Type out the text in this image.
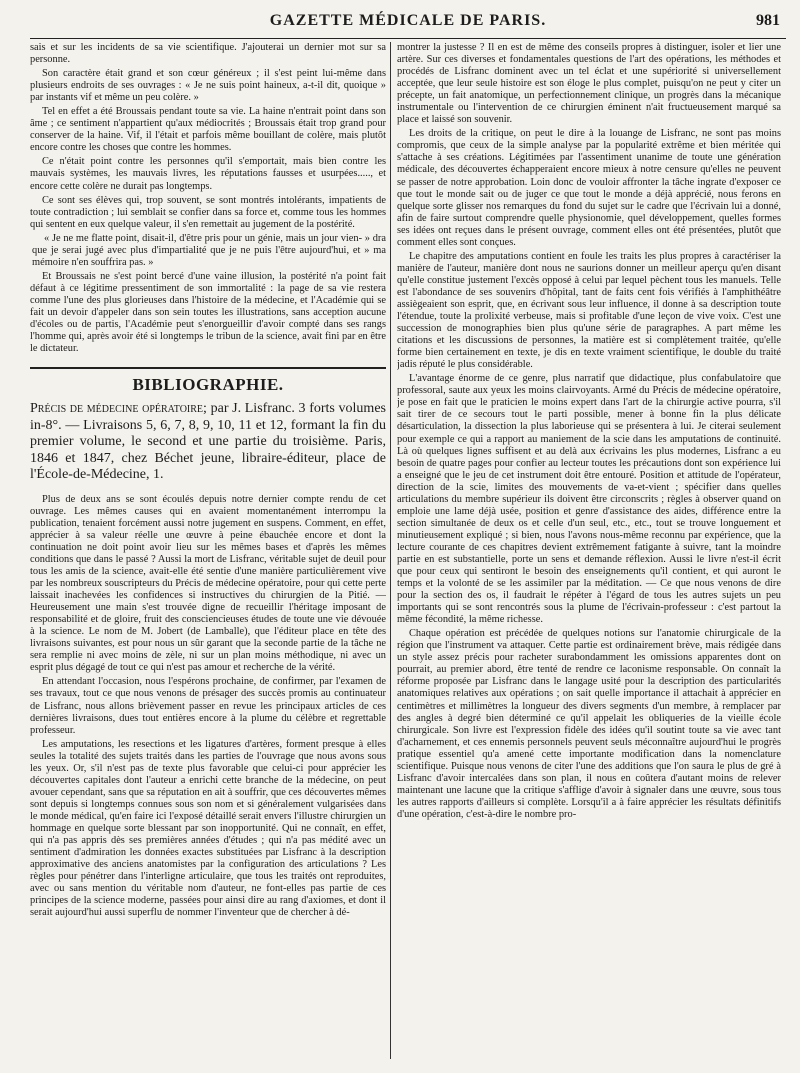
GAZETTE MÉDICALE DE PARIS.	981

sais et sur les incidents de sa vie scientifique. J'ajouterai un dernier mot sur sa personne.

Son caractère était grand et son cœur généreux ; il s'est peint lui-même dans plusieurs endroits de ses ouvrages : « Je ne suis point haineux, a-t-il dit, quoique » par instants vif et même un peu colère. »

Tel en effet a été Broussais pendant toute sa vie. La haine n'entrait point dans son âme ; ce sentiment n'appartient qu'aux médiocrités ; Broussais était trop grand pour conserver de la haine. Vif, il l'était et parfois même bouillant de colère, mais plutôt encore contre les choses que contre les hommes.

Ce n'était point contre les personnes qu'il s'emportait, mais bien contre les mauvais systèmes, les mauvais livres, les réputations fausses et usurpées....., et encore cette colère ne durait pas longtemps.

Ce sont ses élèves qui, trop souvent, se sont montrés intolérants, impatients de toute contradiction ; lui semblait se confier dans sa force et, comme tous les hommes qui sentent en eux quelque valeur, il s'en remettait au jugement de la postérité.

« Je ne me flatte point, disait-il, d'être pris pour un génie, mais un jour vien- » dra que je serai jugé avec plus d'impartialité que je ne puis l'être aujourd'hui, et » ma mémoire n'en souffrira pas. »

Et Broussais ne s'est point bercé d'une vaine illusion, la postérité n'a point fait défaut à ce légitime pressentiment de son immortalité : la page de sa vie restera comme l'une des plus glorieuses dans l'histoire de la médecine, et l'Académie qui se fait un devoir d'appeler dans son sein toutes les illustrations, sans acception aucune d'écoles ou de partis, l'Académie peut s'enorgueillir d'avoir compté dans ses rangs l'homme qui, après avoir été si longtemps le tribun de la science, avait fini par en être le dictateur.

BIBLIOGRAPHIE.

Précis de médecine opératoire; par J. Lisfranc. 3 forts volumes in-8°. — Livraisons 5, 6, 7, 8, 9, 10, 11 et 12, formant la fin du premier volume, le second et une partie du troisième. Paris, 1846 et 1847, chez Béchet jeune, libraire-éditeur, place de l'École-de-Médecine, 1.

Plus de deux ans se sont écoulés depuis notre dernier compte rendu de cet ouvrage. Les mêmes causes qui en avaient momentanément interrompu la publication, tenaient forcément aussi notre jugement en suspens. Comment, en effet, apprécier à sa valeur réelle une œuvre à peine ébauchée encore et dont la continuation ne doit point avoir lieu sur les mêmes bases et d'après les mêmes conditions que dans le passé ? Aussi la mort de Lisfranc, véritable sujet de deuil pour tous les amis de la science, avait-elle été sentie d'une manière particulièrement vive par les nombreux souscripteurs du Précis de médecine opératoire, pour qui cette perte laissait inachevées les confidences si instructives du chirurgien de la Pitié. — Heureusement une main s'est trouvée digne de recueillir l'héritage imposant de responsabilité et de gloire, fruit des consciencieuses études de toute une vie dévouée à la science. Le nom de M. Jobert (de Lamballe), que l'éditeur place en tête des livraisons suivantes, est pour nous un sûr garant que la seconde partie de la tâche ne sera remplie ni avec moins de zèle, ni sur un plan moins méthodique, ni avec un esprit plus dégagé de tout ce qui n'est pas amour et recherche de la vérité.

En attendant l'occasion, nous l'espérons prochaine, de confirmer, par l'examen de ses travaux, tout ce que nous venons de présager des succès promis au continuateur de Lisfranc, nous allons brièvement passer en revue les principaux articles de ces dernières livraisons, dues tout entières encore à la plume du célèbre et regrettable professeur.

Les amputations, les resections et les ligatures d'artères, forment presque à elles seules la totalité des sujets traités dans les parties de l'ouvrage que nous avons sous les yeux. Or, s'il n'est pas de texte plus favorable que celui-ci pour apprécier les découvertes capitales dont l'auteur a enrichi cette branche de la médecine, on peut avouer cependant, sans que sa réputation en ait à souffrir, que ces découvertes mêmes sont depuis si longtemps connues sous son nom et si généralement vulgarisées dans le monde médical, qu'en faire ici l'exposé détaillé serait envers l'illustre chirurgien un hommage en quelque sorte blessant par son inopportunité. Qui ne connaît, en effet, qui n'a pas appris dès ses premières années d'études ; qui n'a pas médité avec un sentiment d'admiration les données exactes substituées par Lisfranc à la description approximative des anciens anatomistes par la configuration des articulations ? Les règles pour pénétrer dans l'interligne articulaire, que tous les traités ont reproduites, avec ou sans mention du véritable nom d'auteur, ne font-elles pas partie de ces principes de la science moderne, passées pour ainsi dire au rang d'axiomes, et dont il serait aujourd'hui aussi superflu de nommer l'inventeur que de chercher à dé-

montrer la justesse ? Il en est de même des conseils propres à distinguer, isoler et lier une artère. Sur ces diverses et fondamentales questions de l'art des opérations, les méthodes et procédés de Lisfranc dominent avec un tel éclat et une supériorité si universellement acceptée, que leur seule histoire est son éloge le plus complet, puisqu'on ne peut y citer un précepte, un fait anatomique, un perfectionnement clinique, un progrès dans la mécanique instrumentale ou l'intervention de ce chirurgien éminent n'ait fructueusement marqué sa place et laissé son souvenir.

Les droits de la critique, on peut le dire à la louange de Lisfranc, ne sont pas moins compromis, que ceux de la simple analyse par la popularité extrême et bien méritée qui s'attache à ses créations. Légitimées par l'assentiment unanime de toute une génération médicale, des découvertes échapperaient encore mieux à notre censure qu'elles ne peuvent se passer de notre approbation. Loin donc de vouloir affronter la tâche ingrate d'exposer ce que tout le monde sait ou de juger ce que tout le monde a déjà apprécié, nous ferons en quelque sorte glisser nos remarques du fond du sujet sur le cadre que l'écrivain lui a donné, afin de faire surtout comprendre quelle physionomie, quel développement, quelles formes ses idées ont reçues dans le présent ouvrage, comment elles ont été présentées, plutôt que comment elles sont conçues.

Le chapitre des amputations contient en foule les traits les plus propres à caractériser la manière de l'auteur, manière dont nous ne saurions donner un meilleur aperçu qu'en disant qu'elle constitue justement l'excès opposé à celui par lequel pèchent tous les manuels. Telle est l'abondance de ses souvenirs d'hôpital, tant de faits cent fois vérifiés à l'amphithéâtre assiègeaient son esprit, que, en écrivant sous leur influence, il donne à sa description toute l'étendue, toute la prolixité verbeuse, mais si profitable d'une leçon de vive voix. C'est une succession de monographies bien plus qu'une série de paragraphes. A part même les citations et les discussions de personnes, la matière est si complètement traitée, qu'elle forme bien certainement en texte, je dis en texte vraiment scientifique, le double du traité jadis réputé le plus considérable.

L'avantage énorme de ce genre, plus narratif que didactique, plus confabulatoire que professoral, saute aux yeux les moins clairvoyants. Armé du Précis de médecine opératoire, je pose en fait que le praticien le moins expert dans l'art de la chirurgie active pourra, s'il sait tirer de ce secours tout le parti possible, mener à bonne fin la plus délicate désarticulation, la dissection la plus laborieuse qui se présentera à lui. Je citerai seulement pour exemple ce qui a rapport au maniement de la scie dans les amputations de continuité. Là où quelques lignes suffisent et au delà aux écrivains les plus modernes, Lisfranc a eu besoin de quatre pages pour confier au lecteur toutes les précautions dont son expérience lui a enseigné que le jeu de cet instrument doit être entouré. Position et attitude de l'opérateur, direction de la scie, limites des mouvements de va-et-vient ; spécifier dans quelles articulations du membre supérieur ils doivent être circonscrits ; règles à observer quand on emploie une lame déjà usée, position et genre d'assistance des aides, différence entre la section simultanée de deux os et celle d'un seul, etc., etc., tout se trouve longuement et minutieusement expliqué ; si bien, nous l'avons nous-même reconnu par expérience, que la lecture courante de ces chapitres devient extrêmement fatigante à suivre, tant la moindre partie en est substantielle, porte un sens et demande réflexion. Aussi le livre n'est-il écrit que pour ceux qui sentiront le besoin des enseignements qu'il contient, et qui auront le temps et la volonté de se les assimiler par la méditation. — Ce que nous venons de dire pour la section des os, il faudrait le répéter à l'égard de tous les autres sujets un peu importants qui se sont rencontrés sous la plume de l'écrivain-professeur : c'est partout la même fécondité, la même richesse.

Chaque opération est précédée de quelques notions sur l'anatomie chirurgicale de la région que l'instrument va attaquer. Cette partie est ordinairement brève, mais rédigée dans un style assez précis pour racheter surabondamment les omissions apparentes dont on pourrait, au premier abord, être tenté de rendre ce laconisme responsable. On connaît la réforme proposée par Lisfranc dans le langage usité pour la description des particularités anatomiques relatives aux opérations ; on sait quelle importance il attachait à apprécier en centimètres et millimètres la longueur des divers segments d'un membre, à remplacer par des angles à degré bien déterminé ce qu'il appelait les obliqueries de la vieille école chirurgicale. Son livre est l'expression fidèle des idées qu'il soutint toute sa vie avec tant d'acharnement, et ces ennemis personnels peuvent seuls méconnaître aujourd'hui le progrès pratique essentiel qu'a amené cette importante modification dans la nomenclature scientifique. Puisque nous venons de citer l'une des additions que l'on saura le plus de gré à Lisfranc d'avoir intercalées dans son plan, il nous en coûtera d'autant moins de relever maintenant une lacune que la critique s'afflige d'avoir à signaler dans une œuvre, sous tous les autres rapports d'ailleurs si complète. Lorsqu'il a à faire apprécier les résultats définitifs d'une opération, c'est-à-dire le nombre pro-
